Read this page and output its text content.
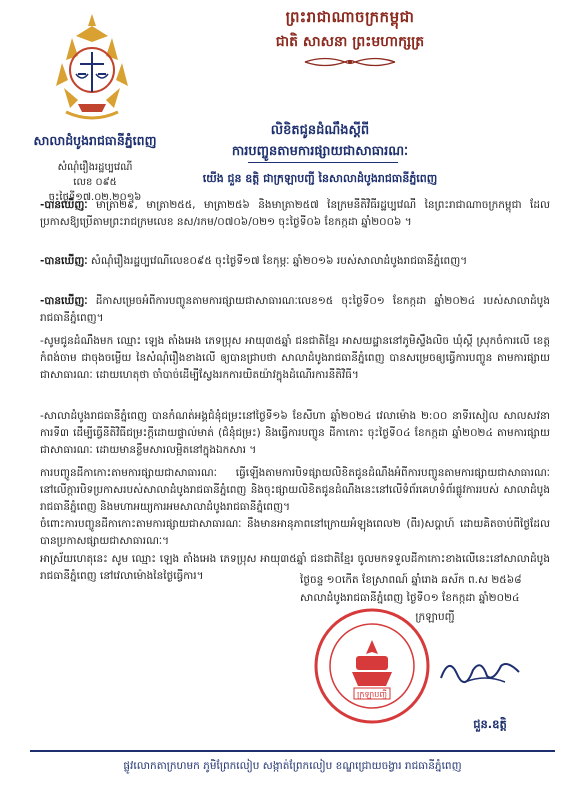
សាលាដំបូងរាជធានីភ្នំពេញ
សំណុំរឿងរដ្ឋប្បវេណី
លេខ ០៩៥
ចុះថ្ងៃទី១៧.០២.២០១៦
ព្រះរាជាណាចក្រកម្ពុជា
ជាតិ សាសនា ព្រះមហាក្សត្រ
លិខិតជូនដំណឹងស្តីពី
ការបញ្ចូនតាមការផ្សាយជាសាធារណៈ
យើង ជួន ឧត្តិ ជាក្រឡាបញ្ជី នៃសាលាដំបូងរាជធានីភ្នំពេញ
-បានឃើញៈ មាត្រា២៩, មាត្រា២៥៥, មាត្រា២៥៦ និងមាត្រា២៥៧ នៃក្រមនីតិវិធីរដ្ឋប្បវេណី នៃព្រះរាជាណាចក្រកម្ពុជា ដែលប្រកាសឱ្យប្រើតាមព្រះរាជក្រមលេខ នស/រកម/០៧០៦/០២១ ចុះថ្ងៃទី០៦ ខែកក្កដា ឆ្នាំ២០០៦ ។
-បានឃើញៈ សំណុំរឿងរដ្ឋប្បវេណីលេខ០៩៥ ចុះថ្ងៃទី១៧ ខែកុម្ភៈ ឆ្នាំ២០១៦ របស់សាលាដំបូងរាជធានីភ្នំពេញ។
-បានឃើញៈ ដីកាសម្រេចអំពីការបញ្ចូនតាមការផ្សាយជាសាធារណៈលេខ១៥ ចុះថ្ងៃទី០១ ខែកក្កដា ឆ្នាំ២០២៤ របស់សាលាដំបូងរាជធានីភ្នំពេញ។
-សូមជូនដំណឹងមក ឈ្មោះ ឡេង តាំងអេង ភេទប្រុស អាយុ៣៥ឆ្នាំ ជនជាតិខ្មែរ អាសយដ្ឋាននៅភូមិស្ទឹងលិច ឃុំស្តី ស្រុកចំការលើ ខេត្តកំពង់ចាម ជាចុងចម្លើយ នៃសំណុំរឿងខាងលើ ឲ្យបានជ្រាបថា សាលាដំបូងរាជធានីភ្នំពេញ បានសម្រេចឲ្យធ្វើការបញ្ចូន តាមការផ្សាយជាសាធារណៈ ដោយហេតុថា ចាំបាច់ដើម្បីស្វែងរកការយិតយ៉ាវក្នុងដំណើរការនីតិវិធី។
-សាលាដំបូងរាជធានីភ្នំពេញ បានកំណត់អង្គជំនុំជម្រះនៅថ្ងៃទី១៦ ខែសីហា ឆ្នាំ២០២៤ វេលាម៉ោង ២:០០ នាទីរសៀល សាលសវនាការទី៣ ដើម្បីធ្វើនីតិវិធីជម្រះក្តីដោយផ្ទាល់មាត់ (ជំនុំជម្រះ) និងធ្វើការបញ្ចូន ដីកាកោះ ចុះថ្ងៃទី០៤ ខែកក្កដា ឆ្នាំ២០២៤ តាមការផ្សាយជាសាធារណៈ ដោយមានខ្លឹមសារលម្អិតនៅក្នុងឯកសារ ។
ការបញ្ចូនដីកាកោះតាមការផ្សាយជាសាធារណៈ ធ្វើឡើងតាមការបិទផ្សាយលិខិតជូនដំណឹងអំពីការបញ្ចូនតាមការផ្សាយជាសាធារណៈ នៅលើក្តារបិទប្រកាសរបស់សាលាដំបូងរាជធានីភ្នំពេញ និងចុះផ្សាយលិខិតជូនដំណឹងនេះនៅលើទំព័រគេហទំព័រផ្លូវការរបស់ សាលាដំបូងរាជធានីភ្នំពេញ និងមហាអយ្យការអមសាលាដំបូងរាជធានីភ្នំពេញ។
ចំពោះការបញ្ចូនដីកាកោះតាមការផ្សាយជាសាធារណៈ នឹងមានអានុភាពនៅក្រោយអំឡុងពេល២ (ពីរ)សប្តាហ៍ ដោយគិតចាប់ពីថ្ងៃដែលបានប្រកាសផ្សាយជាសាធារណៈ។
អាស្រ័យហេតុនេះ សូម ឈ្មោះ ឡេង តាំងអេង ភេទប្រុស អាយុ៣៥ឆ្នាំ ជនជាតិខ្មែរ ចូលមកទទួលដីកាកោះខាងលើនេះនៅសាលាដំបូងរាជធានីភ្នំពេញ នៅវេលាម៉ោងនៃថ្ងៃធ្វើការ។	ថ្ងៃចន្ទ ១០កើត ខែស្រាពណ៍ ឆ្នាំរោង ឆស័ក ព.ស ២៥៦៨
សាលាដំបូងរាជធានីភ្នំពេញ ថ្ងៃទី០១ ខែកក្កដា ឆ្នាំ២០២៤
ក្រឡាបញ្ជី
ក្រឡាបញ្ជី
ជួន.ឧត្តិ
ផ្លូវលោកតាក្រហមក ភូមិព្រែកលៀប សង្កាត់ព្រែកលៀប ខណ្ឌជ្រោយចង្វារ រាជធានីភ្នំពេញ
